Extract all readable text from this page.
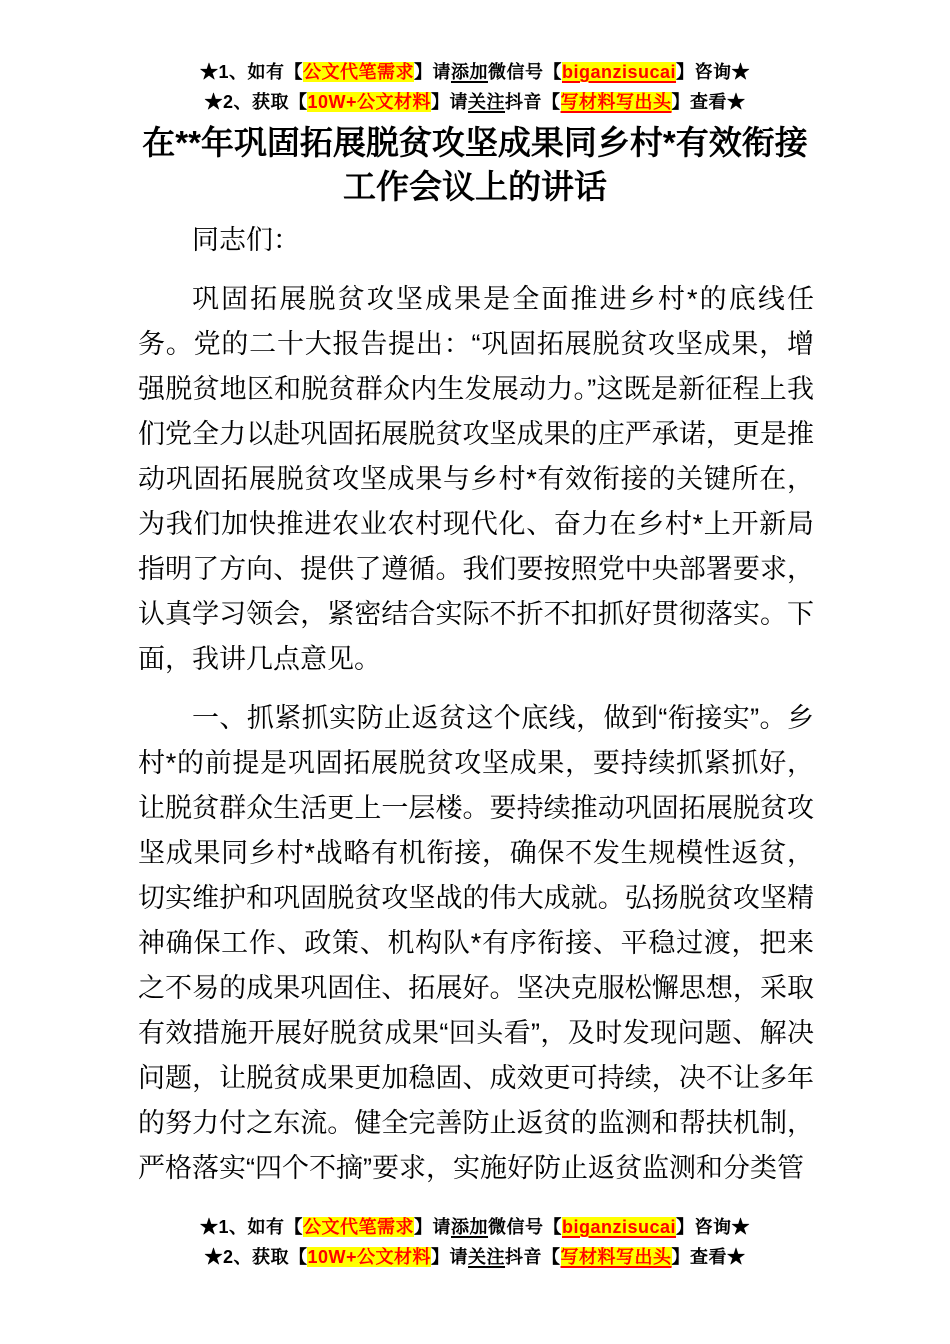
★1、如有【公文代笔需求】请添加微信号【biganzisucai】咨询★
★2、获取【10W+公文材料】请关注抖音【写材料写出头】查看★
在**年巩固拓展脱贫攻坚成果同乡村*有效衔接工作会议上的讲话

同志们：

巩固拓展脱贫攻坚成果是全面推进乡村*的底线任务。党的二十大报告提出：“巩固拓展脱贫攻坚成果，增强脱贫地区和脱贫群众内生发展动力。”这既是新征程上我们党全力以赴巩固拓展脱贫攻坚成果的庄严承诺，更是推动巩固拓展脱贫攻坚成果与乡村*有效衔接的关键所在，为我们加快推进农业农村现代化、奋力在乡村*上开新局指明了方向、提供了遵循。我们要按照党中央部署要求，认真学习领会，紧密结合实际不折不扣抓好贯彻落实。下面，我讲几点意见。

一、抓紧抓实防止返贫这个底线，做到“衔接实”。乡村*的前提是巩固拓展脱贫攻坚成果，要持续抓紧抓好，让脱贫群众生活更上一层楼。要持续推动巩固拓展脱贫攻坚成果同乡村*战略有机衔接，确保不发生规模性返贫，切实维护和巩固脱贫攻坚战的伟大成就。弘扬脱贫攻坚精神确保工作、政策、机构队*有序衔接、平稳过渡，把来之不易的成果巩固住、拓展好。坚决克服松懈思想，采取有效措施开展好脱贫成果“回头看”，及时发现问题、解决问题，让脱贫成果更加稳固、成效更可持续，决不让多年的努力付之东流。健全完善防止返贫的监测和帮扶机制，严格落实“四个不摘”要求，实施好防止返贫监测和分类管

★1、如有【公文代笔需求】请添加微信号【biganzisucai】咨询★
★2、获取【10W+公文材料】请关注抖音【写材料写出头】查看★
